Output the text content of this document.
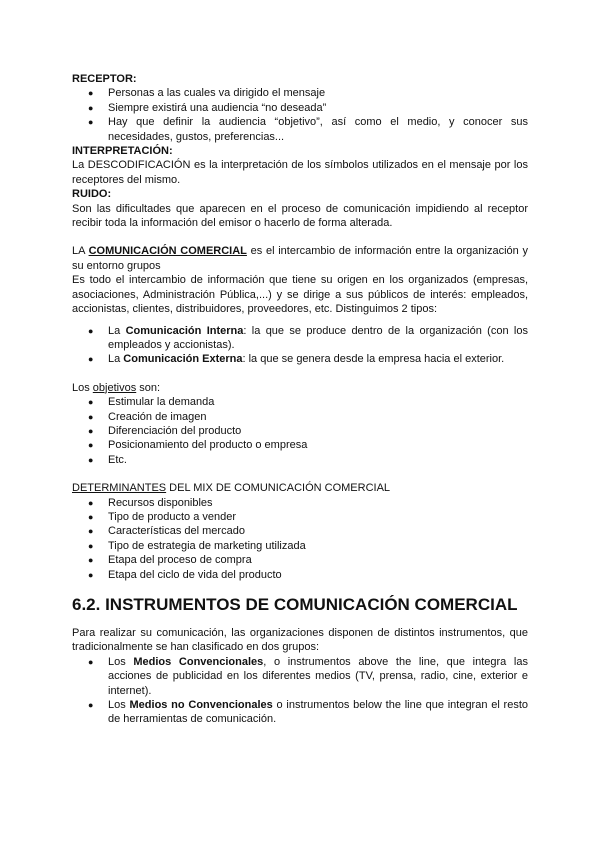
RECEPTOR:

● Personas a las cuales va dirigido el mensaje
● Siempre existirá una audiencia “no deseada”
● Hay que definir la audiencia “objetivo”, así como el medio, y conocer sus necesidades, gustos, preferencias...

INTERPRETACIÓN:

La DESCODIFICACIÓN es la interpretación de los símbolos utilizados en el mensaje por los receptores del mismo.

RUIDO:

Son las dificultades que aparecen en el proceso de comunicación impidiendo al receptor recibir toda la información del emisor o hacerlo de forma alterada.

LA COMUNICACIÓN COMERCIAL es el intercambio de información entre la organización y su entorno grupos

Es todo el intercambio de información que tiene su origen en los organizados (empresas, asociaciones, Administración Pública,...) y se dirige a sus públicos de interés: empleados, accionistas, clientes, distribuidores, proveedores, etc. Distinguimos 2 tipos:

● La Comunicación Interna: la que se produce dentro de la organización (con los empleados y accionistas).
● La Comunicación Externa: la que se genera desde la empresa hacia el exterior.

Los objetivos son:

● Estimular la demanda
● Creación de imagen
● Diferenciación del producto
● Posicionamiento del producto o empresa
● Etc.

DETERMINANTES DEL MIX DE COMUNICACIÓN COMERCIAL

● Recursos disponibles
● Tipo de producto a vender
● Características del mercado
● Tipo de estrategia de marketing utilizada
● Etapa del proceso de compra
● Etapa del ciclo de vida del producto
6.2. INSTRUMENTOS DE COMUNICACIÓN COMERCIAL

Para realizar su comunicación, las organizaciones disponen de distintos instrumentos, que tradicionalmente se han clasificado en dos grupos:

● Los Medios Convencionales, o instrumentos above the line, que integra las acciones de publicidad en los diferentes medios (TV, prensa, radio, cine, exterior e internet).
● Los Medios no Convencionales o instrumentos below the line que integran el resto de herramientas de comunicación.
